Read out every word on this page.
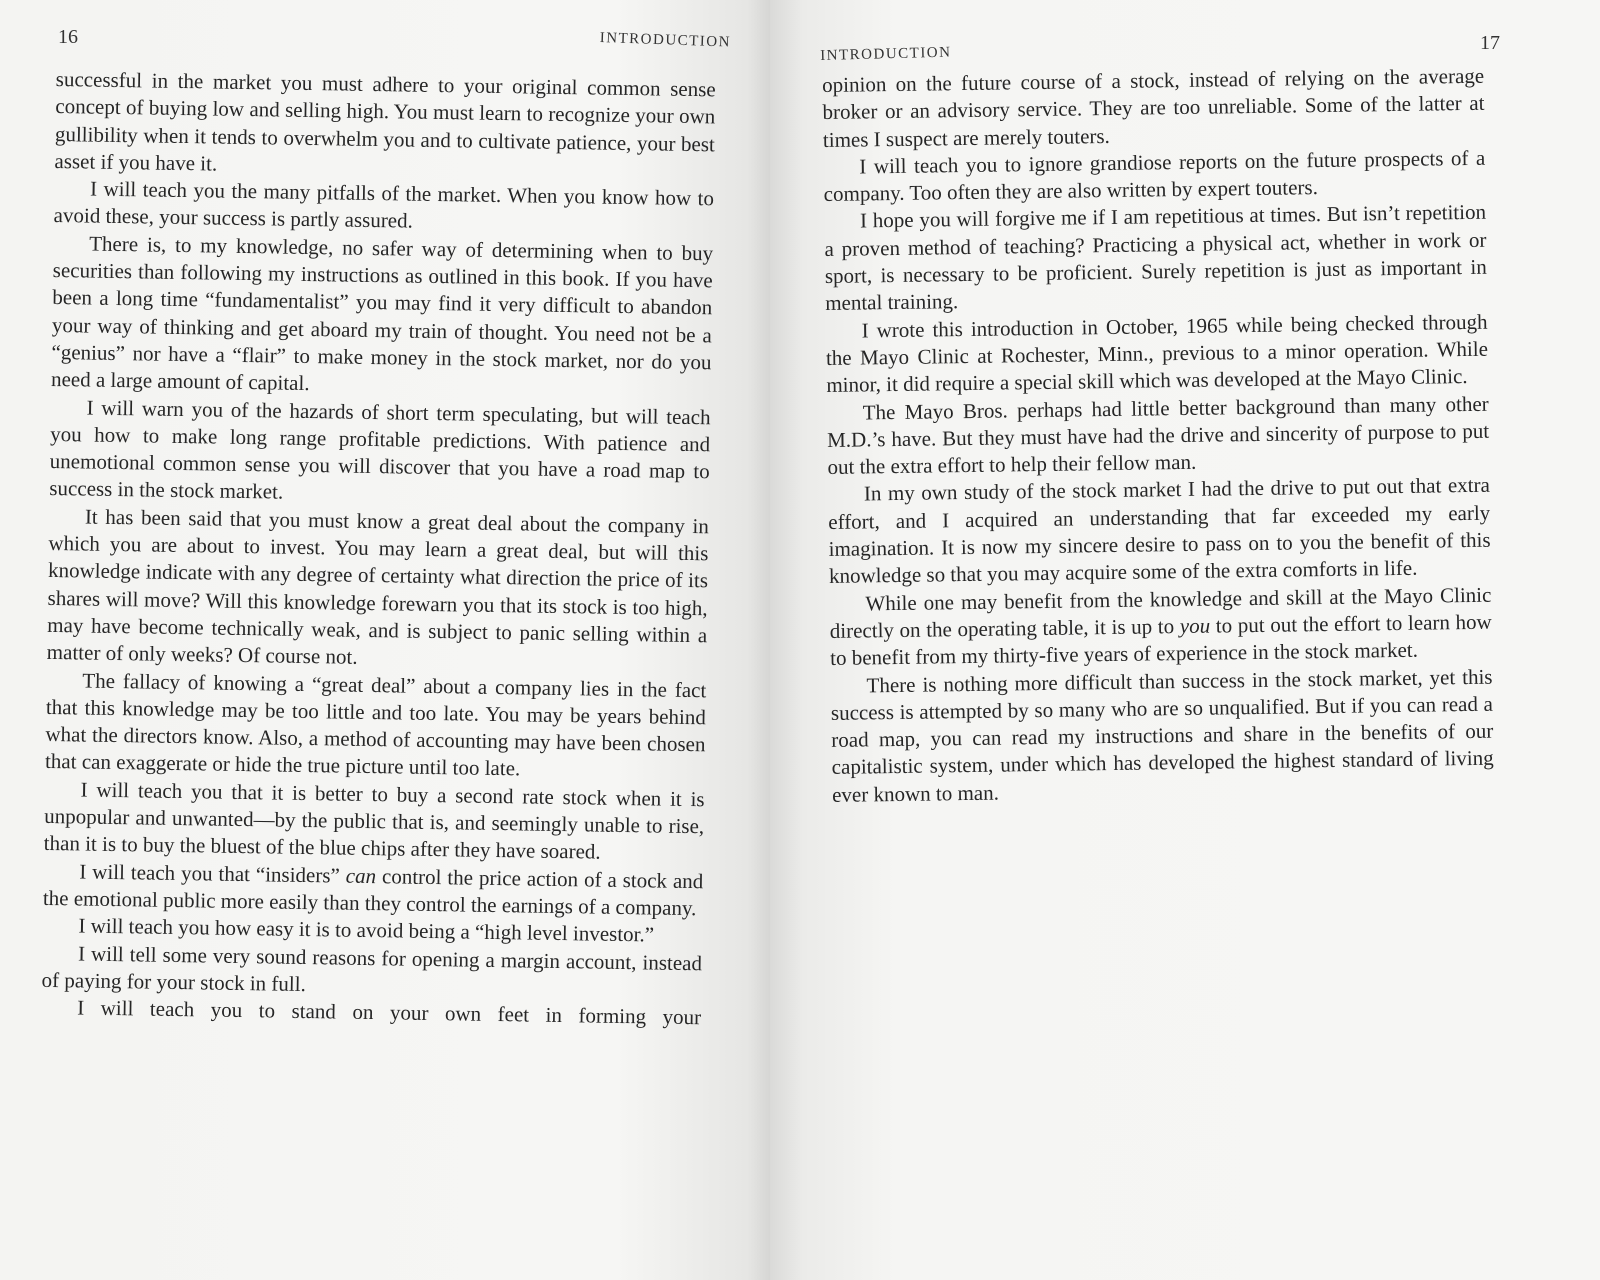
16	INTRODUCTION

successful in the market you must adhere to your original common sense concept of buying low and selling high. You must learn to recognize your own gullibility when it tends to overwhelm you and to cultivate patience, your best asset if you have it.

I will teach you the many pitfalls of the market. When you know how to avoid these, your success is partly assured.

There is, to my knowledge, no safer way of determining when to buy securities than following my instructions as outlined in this book. If you have been a long time “fundamentalist” you may find it very difficult to abandon your way of thinking and get aboard my train of thought. You need not be a “genius” nor have a “flair” to make money in the stock market, nor do you need a large amount of capital.

I will warn you of the hazards of short term speculating, but will teach you how to make long range profitable predictions. With patience and unemotional common sense you will discover that you have a road map to success in the stock market.

It has been said that you must know a great deal about the company in which you are about to invest. You may learn a great deal, but will this knowledge indicate with any degree of certainty what direction the price of its shares will move? Will this knowledge forewarn you that its stock is too high, may have become technically weak, and is subject to panic selling within a matter of only weeks? Of course not.

The fallacy of knowing a “great deal” about a company lies in the fact that this knowledge may be too little and too late. You may be years behind what the directors know. Also, a method of accounting may have been chosen that can exaggerate or hide the true picture until too late.

I will teach you that it is better to buy a second rate stock when it is unpopular and unwanted—by the public that is, and seemingly unable to rise, than it is to buy the bluest of the blue chips after they have soared.

I will teach you that “insiders” can control the price action of a stock and the emotional public more easily than they control the earnings of a company.

I will teach you how easy it is to avoid being a “high level investor.”

I will tell some very sound reasons for opening a margin account, instead of paying for your stock in full.

I will teach you to stand on your own feet in forming your

INTRODUCTION
17

opinion on the future course of a stock, instead of relying on the average broker or an advisory service. They are too unreliable. Some of the latter at times I suspect are merely touters.

I will teach you to ignore grandiose reports on the future prospects of a company. Too often they are also written by expert touters.

I hope you will forgive me if I am repetitious at times. But isn’t repetition a proven method of teaching? Practicing a physical act, whether in work or sport, is necessary to be proficient. Surely repetition is just as important in mental training.

I wrote this introduction in October, 1965 while being checked through the Mayo Clinic at Rochester, Minn., previous to a minor operation. While minor, it did require a special skill which was developed at the Mayo Clinic.

The Mayo Bros. perhaps had little better background than many other M.D.’s have. But they must have had the drive and sincerity of purpose to put out the extra effort to help their fellow man.

In my own study of the stock market I had the drive to put out that extra effort, and I acquired an understanding that far exceeded my early imagination. It is now my sincere desire to pass on to you the benefit of this knowledge so that you may acquire some of the extra comforts in life.

While one may benefit from the knowledge and skill at the Mayo Clinic directly on the operating table, it is up to you to put out the effort to learn how to benefit from my thirty-five years of experience in the stock market.

There is nothing more difficult than success in the stock market, yet this success is attempted by so many who are so unqualified. But if you can read a road map, you can read my instructions and share in the benefits of our capitalistic system, under which has developed the highest standard of living ever known to man.
